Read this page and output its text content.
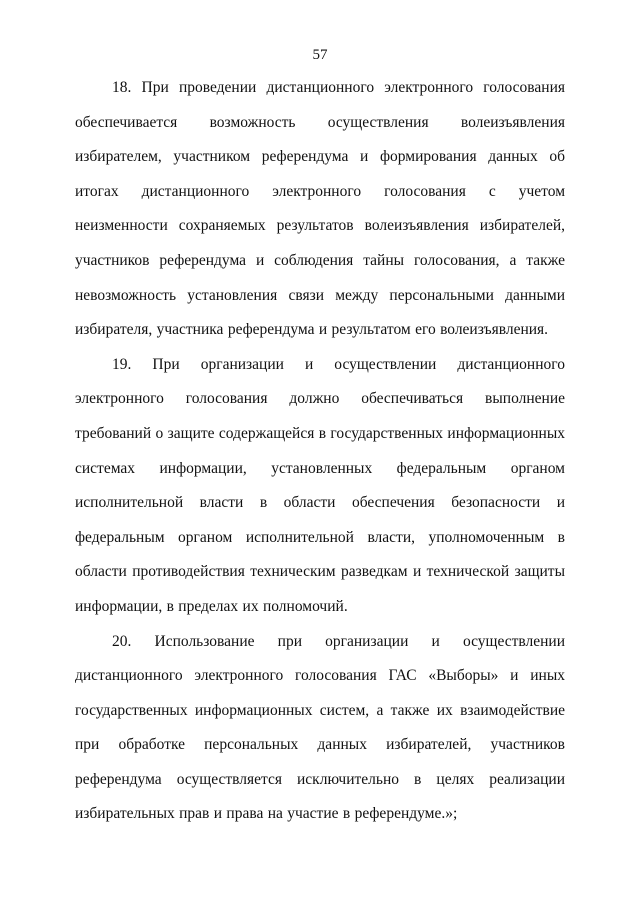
57

18. При проведении дистанционного электронного голосования обеспечивается возможность осуществления волеизъявления избирателем, участником референдума и формирования данных об итогах дистанционного электронного голосования с учетом неизменности сохраняемых результатов волеизъявления избирателей, участников референдума и соблюдения тайны голосования, а также невозможность установления связи между персональными данными избирателя, участника референдума и результатом его волеизъявления.

19. При организации и осуществлении дистанционного электронного голосования должно обеспечиваться выполнение требований о защите содержащейся в государственных информационных системах информации, установленных федеральным органом исполнительной власти в области обеспечения безопасности и федеральным органом исполнительной власти, уполномоченным в области противодействия техническим разведкам и технической защиты информации, в пределах их полномочий.

20. Использование при организации и осуществлении дистанционного электронного голосования ГАС «Выборы» и иных государственных информационных систем, а также их взаимодействие при обработке персональных данных избирателей, участников референдума осуществляется исключительно в целях реализации избирательных прав и права на участие в референдуме.»;
